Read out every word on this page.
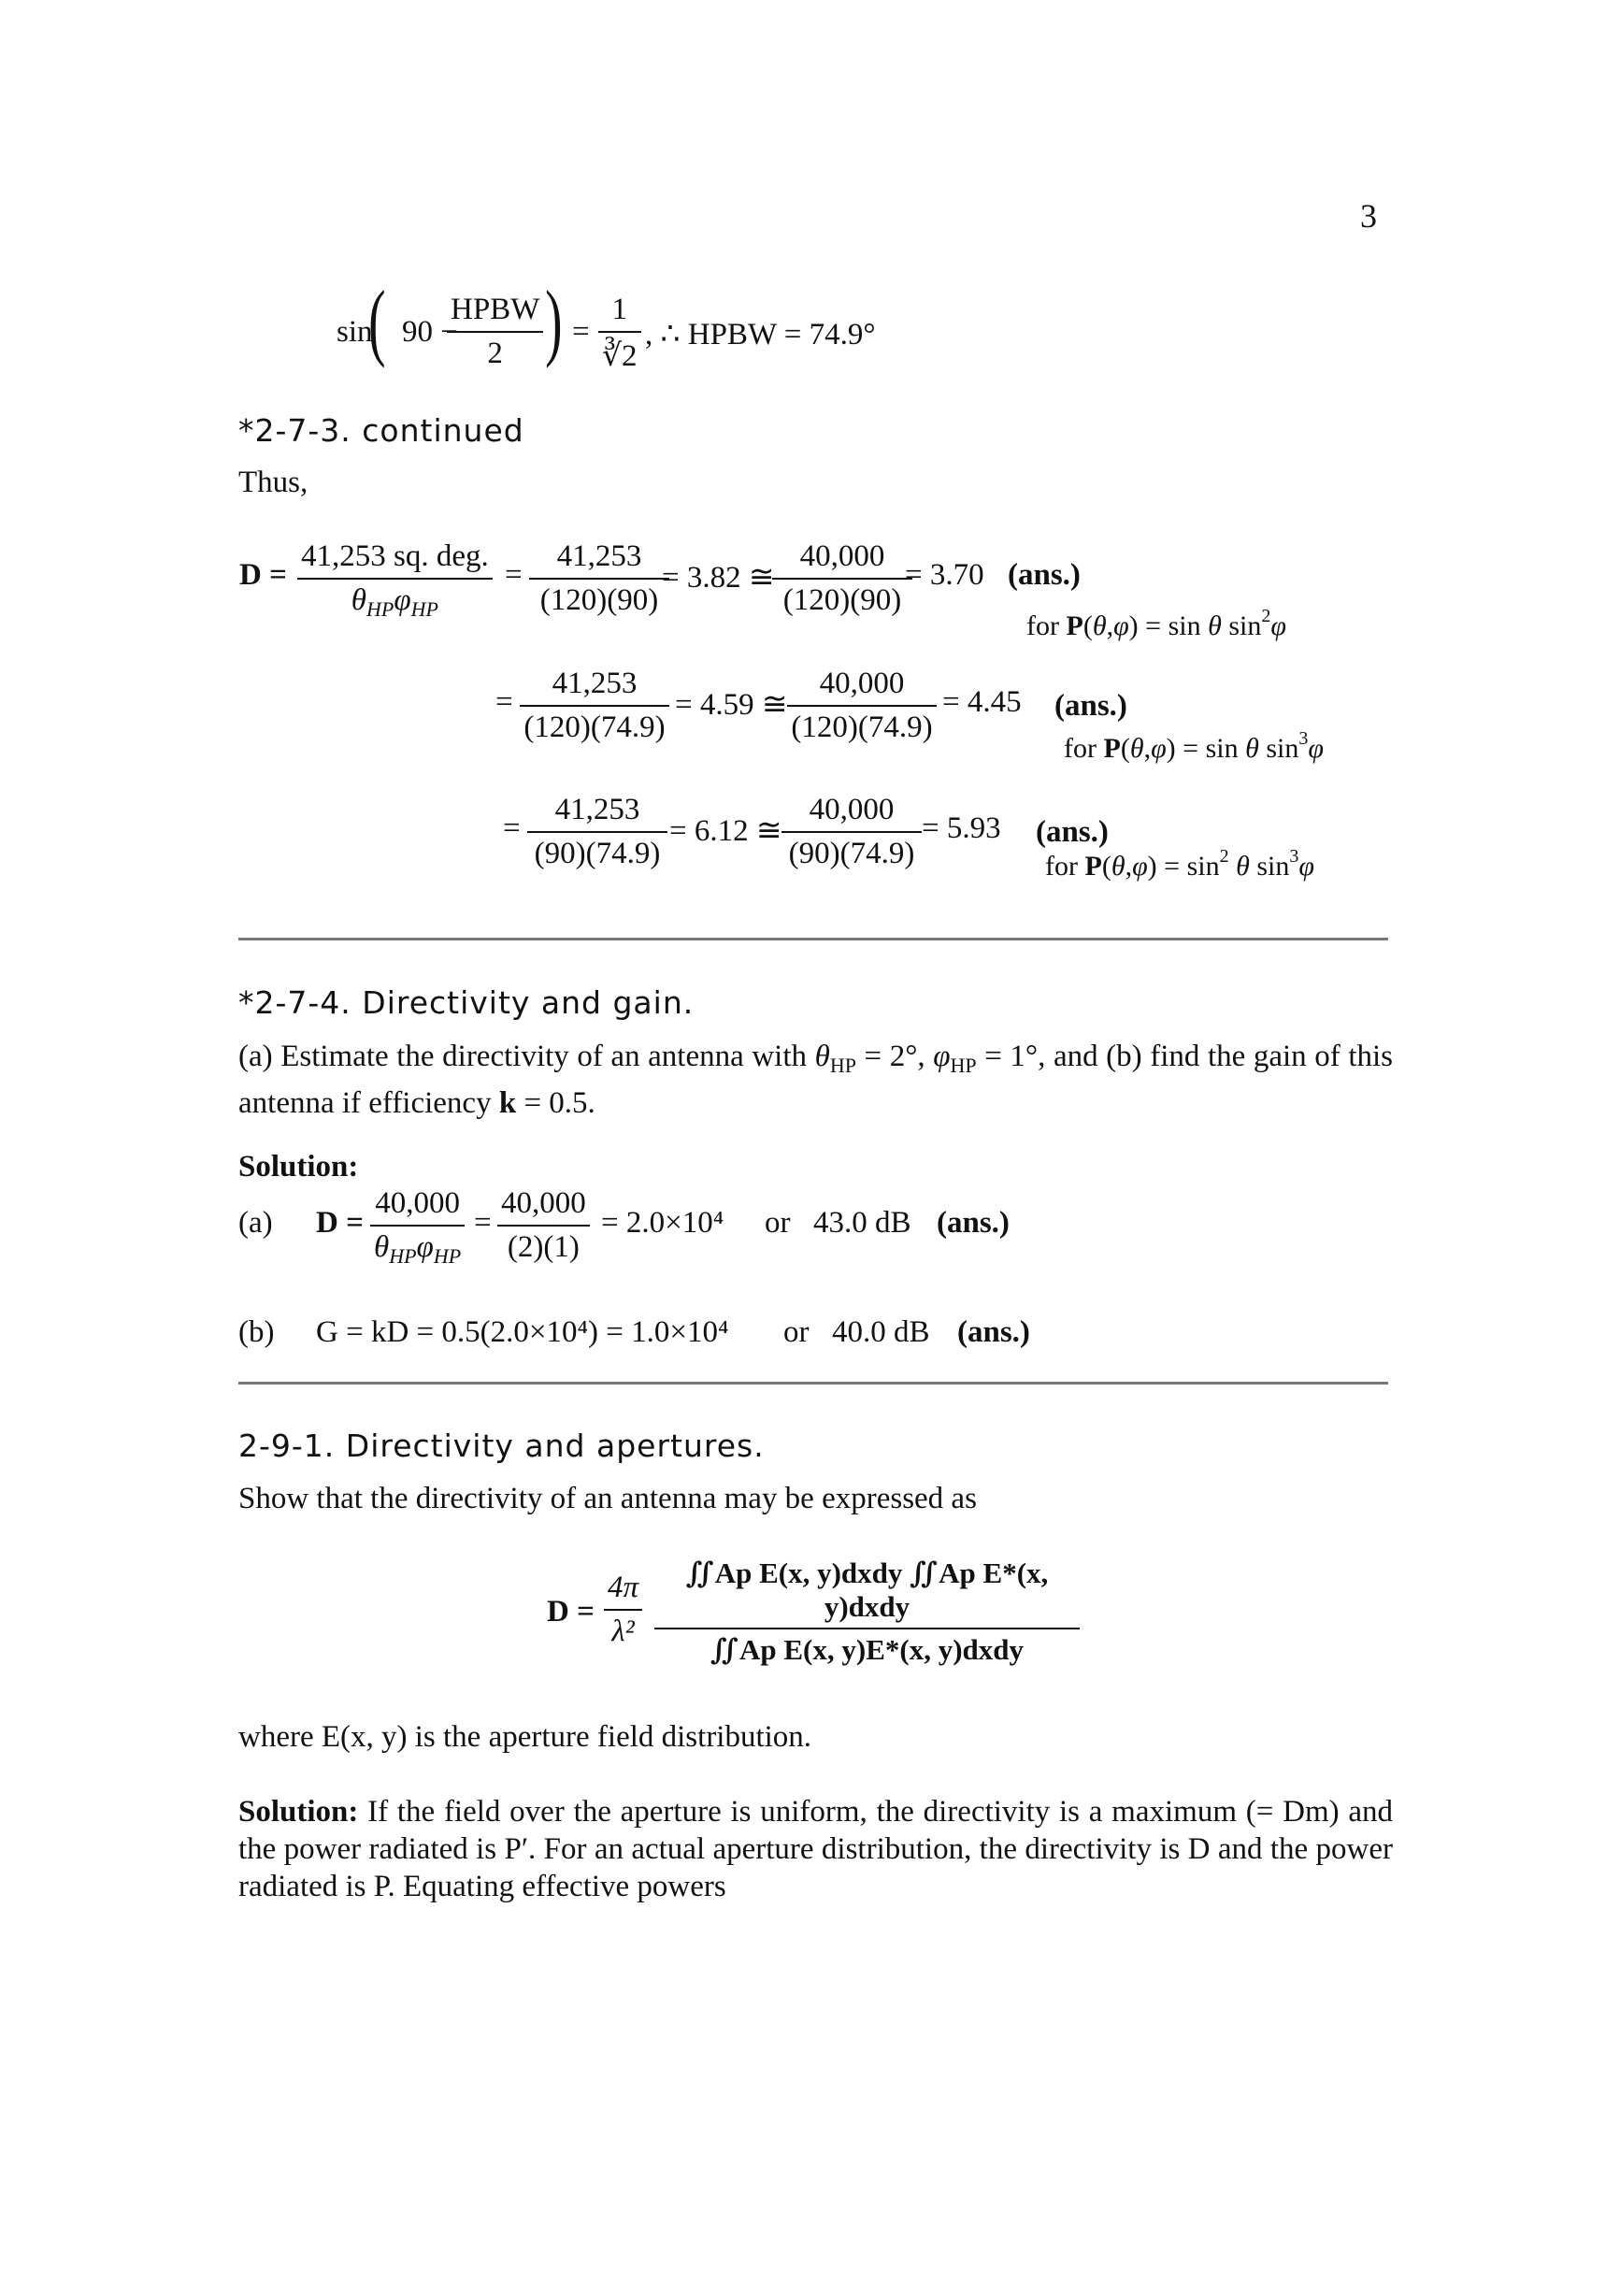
3
sin
( 90 −
HPBW
2 ) = $\frac{1}{∛2}$ , ∴ HPBW = 74.9°
*2-7-3. continued
Thus,
D =
41,253 sq. deg.
$\theta_{HP}\varphi_{HP}$
= $\frac{41,253}{(120)(90)}$
= 3.82 ≅
$\frac{40,000}{(120)(90)}$
= 3.70 (ans.)
for P(θ,φ) = sin θ $\sin^2\varphi$
= $\frac{41,253}{(120)(74.9)} = 4.59$ ≅ $\frac{40,000}{(120)(74.9)} = 4.45$ (ans.)
for P(θ,φ) = sin θ $\sin^3\varphi$
= $\frac{41,253}{(90)(74.9)} = 6.12$ ≅ $\frac{40,000}{(90)(74.9)} = 5.93$ (ans.)
for $P(\theta,\varphi) = \sin^2 \theta$ $\sin^3\varphi$
*2-7-4. Directivity and gain.
(a) Estimate the directivity of an antenna with $\theta_{HP} = 2^\circ$, $\varphi_{HP} = 1^\circ$, and (b) find the gain of this antenna if efficiency k = 0.5.
Solution:
(a) D =
40,000
$\theta_{HP}\varphi_{HP}$
= $\frac{40,000}{(2)(1)} = 2.0\times 10^4$ or 43.0 dB (ans.)
(b) G = kD = 0.5(2.0×10⁴) = 1.0×10⁴ or 40.0 dB (ans.)
2-9-1. Directivity and apertures.
Show that the directivity of an antenna may be expressed as
$D = \frac{4\pi}{\text{λ²}}$	∬Ap E(x, y)dxdy ∬Ap E*(x, y)dxdy
∬Ap E(x, y)E*(x, y)dxdy
where E(x, y) is the aperture field distribution.
Solution: If the field over the aperture is uniform, the directivity is a maximum (= Dm) and the power radiated is P′. For an actual aperture distribution, the directivity is D and the power radiated is P. Equating effective powers
